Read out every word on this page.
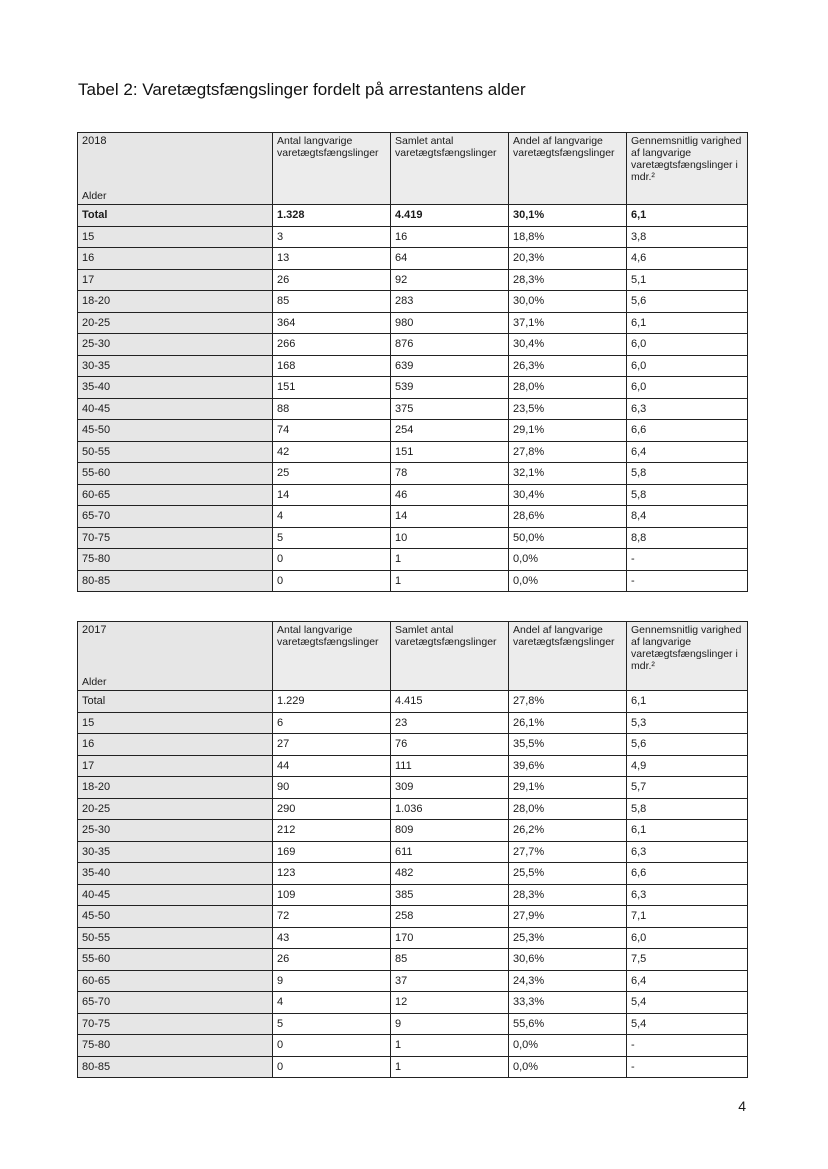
Tabel 2: Varetægtsfængslinger fordelt på arrestantens alder
2018
Alder	Antal langvarige varetægtsfængslinger	Samlet antal varetægtsfængslinger	Andel af langvarige varetægtsfængslinger	Gennemsnitlig varighed af langvarige varetægtsfængslinger i mdr.²
Total	1.328	4.419	30,1%	6,1
15	3	16	18,8%	3,8
16	13	64	20,3%	4,6
17	26	92	28,3%	5,1
18-20	85	283	30,0%	5,6
20-25	364	980	37,1%	6,1
25-30	266	876	30,4%	6,0
30-35	168	639	26,3%	6,0
35-40	151	539	28,0%	6,0
40-45	88	375	23,5%	6,3
45-50	74	254	29,1%	6,6
50-55	42	151	27,8%	6,4
55-60	25	78	32,1%	5,8
60-65	14	46	30,4%	5,8
65-70	4	14	28,6%	8,4
70-75	5	10	50,0%	8,8
75-80	0	1	0,0%	-
80-85	0	1	0,0%	-
2017
Alder	Antal langvarige varetægtsfængslinger	Samlet antal varetægtsfængslinger	Andel af langvarige varetægtsfængslinger	Gennemsnitlig varighed af langvarige varetægtsfængslinger i mdr.²
Total	1.229	4.415	27,8%	6,1
15	6	23	26,1%	5,3
16	27	76	35,5%	5,6
17	44	111	39,6%	4,9
18-20	90	309	29,1%	5,7
20-25	290	1.036	28,0%	5,8
25-30	212	809	26,2%	6,1
30-35	169	611	27,7%	6,3
35-40	123	482	25,5%	6,6
40-45	109	385	28,3%	6,3
45-50	72	258	27,9%	7,1
50-55	43	170	25,3%	6,0
55-60	26	85	30,6%	7,5
60-65	9	37	24,3%	6,4
65-70	4	12	33,3%	5,4
70-75	5	9	55,6%	5,4
75-80	0	1	0,0%	-
80-85	0	1	0,0%	-
4
